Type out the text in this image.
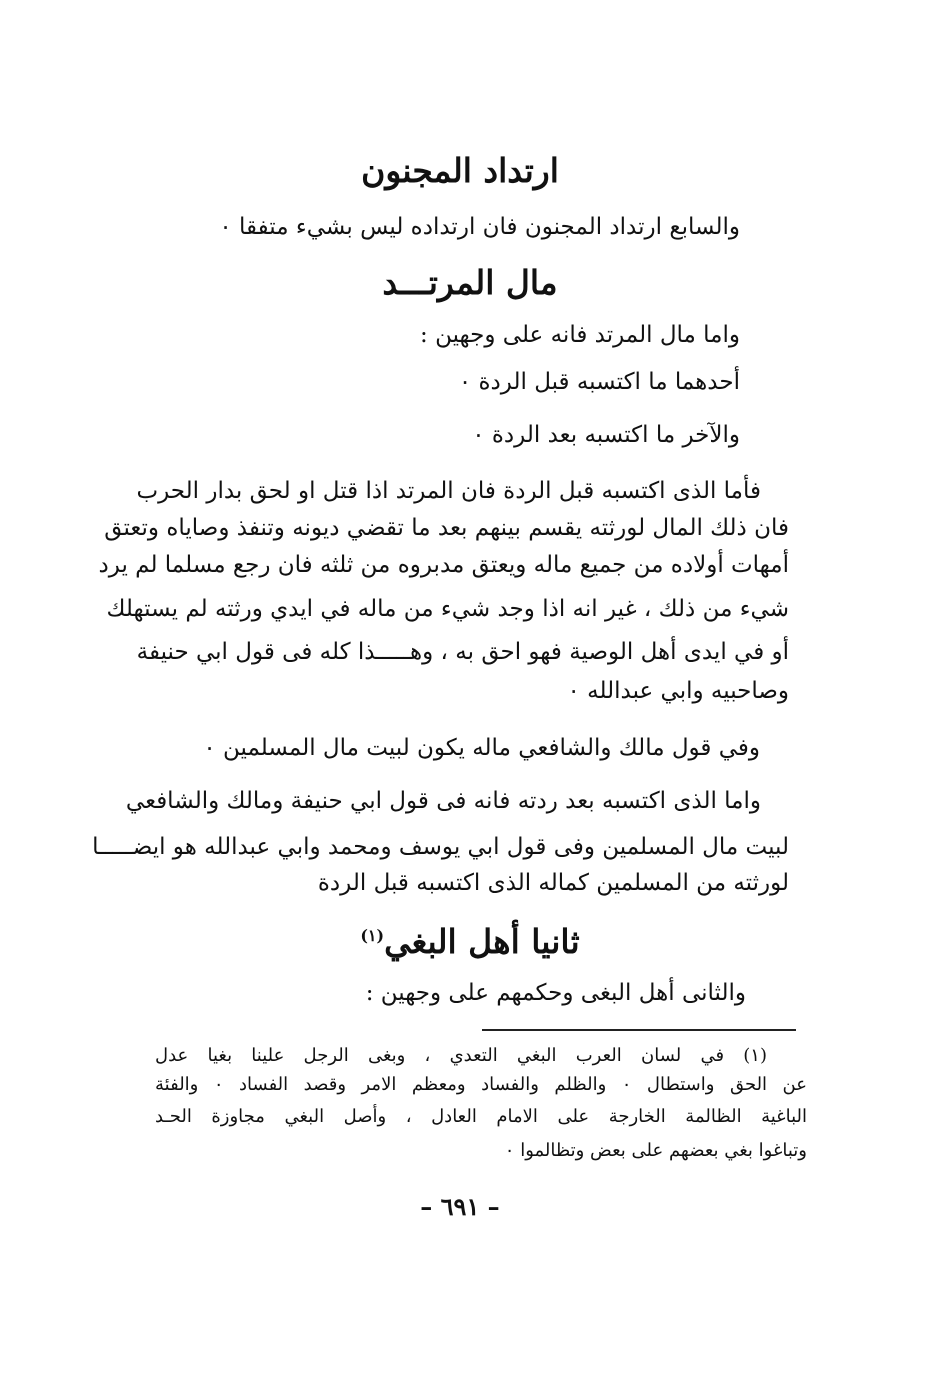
ارتداد المجنون
والسابع ارتداد المجنون فان ارتداده ليس بشيء متفقا ٠
مال المرتـــد
واما مال المرتد فانه على وجهين :
أحدهما ما اكتسبه قبل الردة ٠
والآخر ما اكتسبه بعد الردة ٠
فأما الذى اكتسبه قبل الردة فان المرتد اذا قتل او لحق بدار الحرب
فان ذلك المال لورثته يقسم بينهم بعد ما تقضي ديونه وتنفذ وصاياه وتعتق
أمهات أولاده من جميع ماله ويعتق مدبروه من ثلثه فان رجع مسلما لم يرد
شيء من ذلك ، غير انه اذا وجد شيء من ماله في ايدي ورثته لم يستهلك
أو في ايدى أهل الوصية فهو احق به ، وهـــــذا كله فى قول ابي حنيفة
وصاحبيه وابي عبدالله ٠
وفي قول مالك والشافعي ماله يكون لبيت مال المسلمين ٠
واما الذى اكتسبه بعد ردته فانه فى قول ابي حنيفة ومالك والشافعي
لبيت مال المسلمين وفى قول ابي يوسف ومحمد وابي عبدالله هو ايضـــــا
لورثته من المسلمين كماله الذى اكتسبه قبل الردة
ثانيا أهل البغي$^{(١)}$
والثانى أهل البغى وحكمهم على وجهين :
(١) في لسان العرب البغي التعدي ، وبغى الرجل علينا بغيا عدل
عن الحق واستطال ٠ والظلم والفساد ومعظم الامر وقصد الفساد ٠ والفئة
الباغية الظالمة الخارجة على الامام العادل ، وأصل البغي مجاوزة الحـد
وتباغوا بغي بعضهم على بعض وتظالموا ٠
– ٦٩١ –
